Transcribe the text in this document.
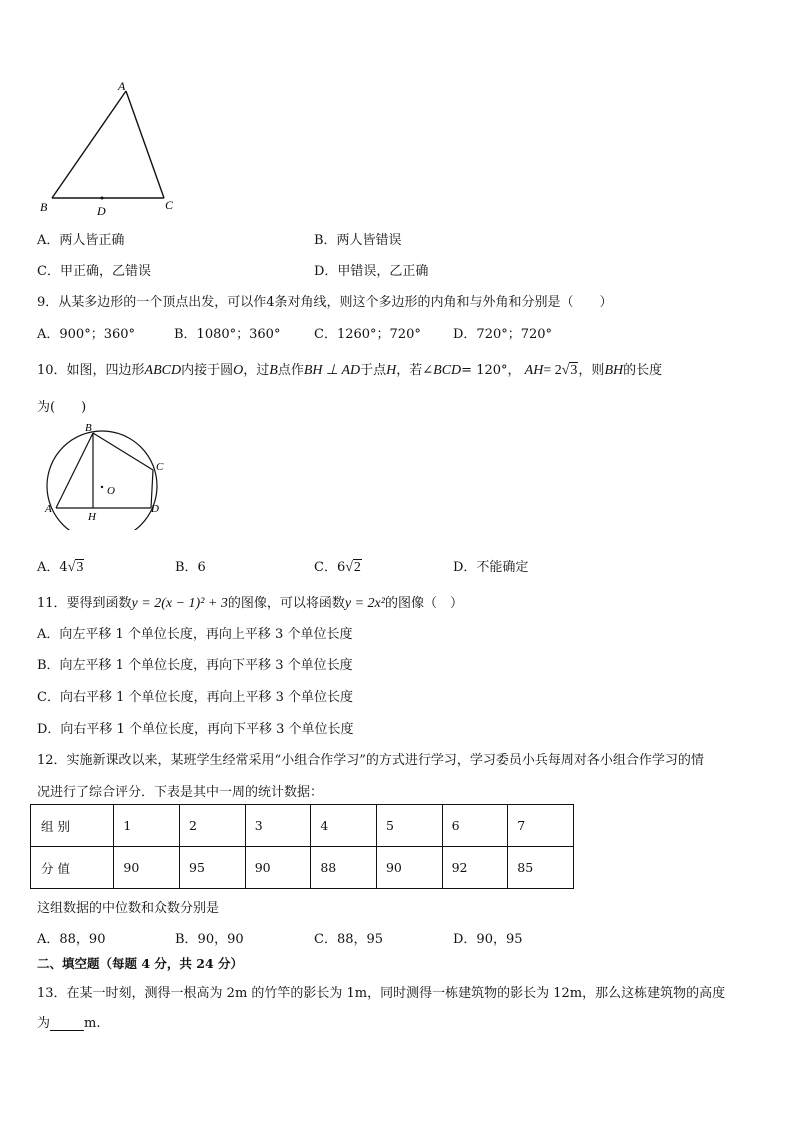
A
B	C
D
A．两人皆正确	B．两人皆错误
C．甲正确，乙错误	D．甲错误，乙正确
9．从某多边形的一个顶点出发，可以作4条对角线，则这个多边形的内角和与外角和分别是（　　）
A．900°；360°	B．1080°；360°	C．1260°；720° D．720°；720°
10．如图，四边形ABCD内接于圆O，过B点作BH ⊥ AD于点H，若∠BCD= 120°， AH= 2√3，则BH的长度
为(　　)
B
C
O
A
H
D
A．4√3	B．6	C．6√2	D．不能确定
11．要得到函数y = 2(x − 1)² + 3的图像，可以将函数y = 2x²的图像（　）
A．向左平移 1 个单位长度，再向上平移 3 个单位长度
B．向左平移 1 个单位长度，再向下平移 3 个单位长度
C．向右平移 1 个单位长度，再向上平移 3 个单位长度
D．向右平移 1 个单位长度，再向下平移 3 个单位长度
12．实施新课改以来，某班学生经常采用“小组合作学习”的方式进行学习，学习委员小兵每周对各小组合作学习的情
况进行了综合评分．下表是其中一周的统计数据：
组 别	1	2	3	4	5	6	7
分 值	90	95	90	88	90	92	85
这组数据的中位数和众数分别是
A．88，90	B．90，90	C．88，95	D．90，95
二、填空题（每题 4 分，共 24 分）
13．在某一时刻，测得一根高为 2m 的竹竿的影长为 1m，同时测得一栋建筑物的影长为 12m，那么这栋建筑物的高度
为	m.
